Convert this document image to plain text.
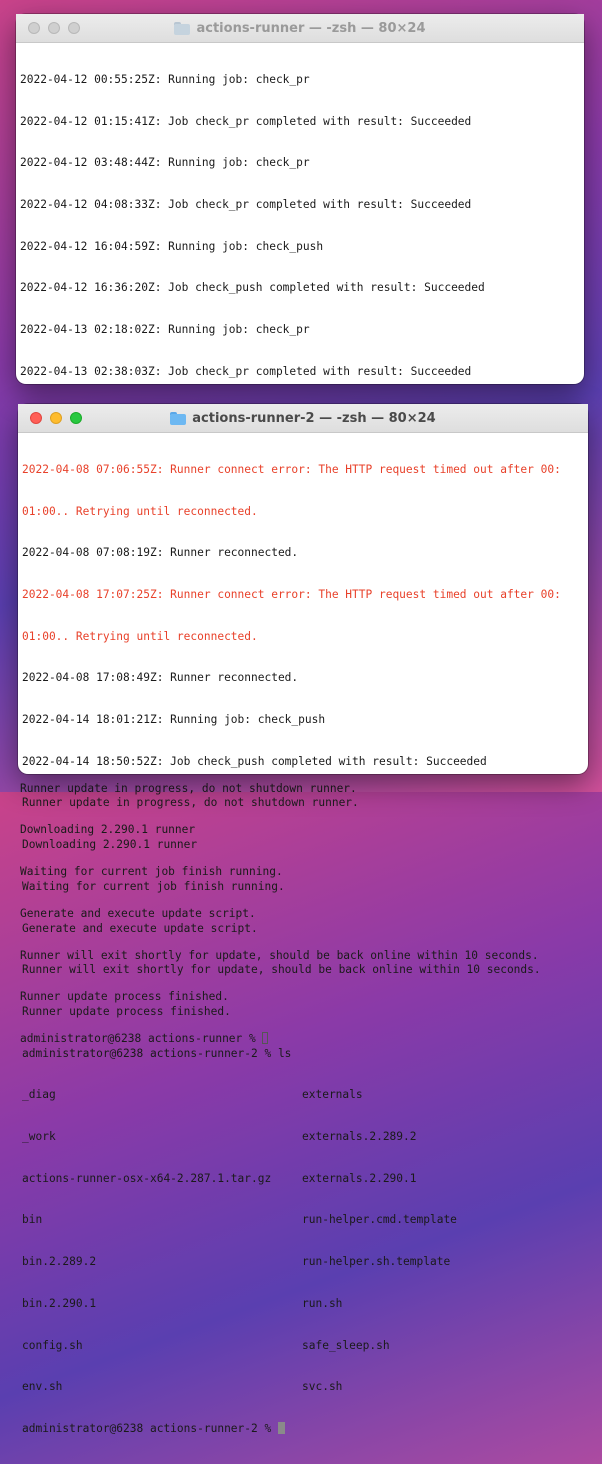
actions-runner — -zsh — 80×24

2022-04-12 00:55:25Z: Running job: check_pr

2022-04-12 01:15:41Z: Job check_pr completed with result: Succeeded

2022-04-12 03:48:44Z: Running job: check_pr

2022-04-12 04:08:33Z: Job check_pr completed with result: Succeeded

2022-04-12 16:04:59Z: Running job: check_push

2022-04-12 16:36:20Z: Job check_push completed with result: Succeeded

2022-04-13 02:18:02Z: Running job: check_pr

2022-04-13 02:38:03Z: Job check_pr completed with result: Succeeded

Runner update in progress, do not shutdown runner.

Downloading 2.290.1 runner

Waiting for current job finish running.

Generate and execute update script.

Runner will exit shortly for update, should be back online within 10 seconds.

Runner update process finished.

administrator@6238 actions-runner %

actions-runner-2 — -zsh — 80×24

2022-04-08 07:06:55Z: Runner connect error: The HTTP request timed out after 00:

01:00.. Retrying until reconnected.

2022-04-08 07:08:19Z: Runner reconnected.

2022-04-08 17:07:25Z: Runner connect error: The HTTP request timed out after 00:

01:00.. Retrying until reconnected.

2022-04-08 17:08:49Z: Runner reconnected.

2022-04-14 18:01:21Z: Running job: check_push

2022-04-14 18:50:52Z: Job check_push completed with result: Succeeded

Runner update in progress, do not shutdown runner.

Downloading 2.290.1 runner

Waiting for current job finish running.

Generate and execute update script.

Runner will exit shortly for update, should be back online within 10 seconds.

Runner update process finished.

administrator@6238 actions-runner-2 % ls

_diag	externals

_work	externals.2.289.2

actions-runner-osx-x64-2.287.1.tar.gz	externals.2.290.1

bin	run-helper.cmd.template

bin.2.289.2	run-helper.sh.template

bin.2.290.1	run.sh

config.sh	safe_sleep.sh

env.sh	svc.sh

administrator@6238 actions-runner-2 %
